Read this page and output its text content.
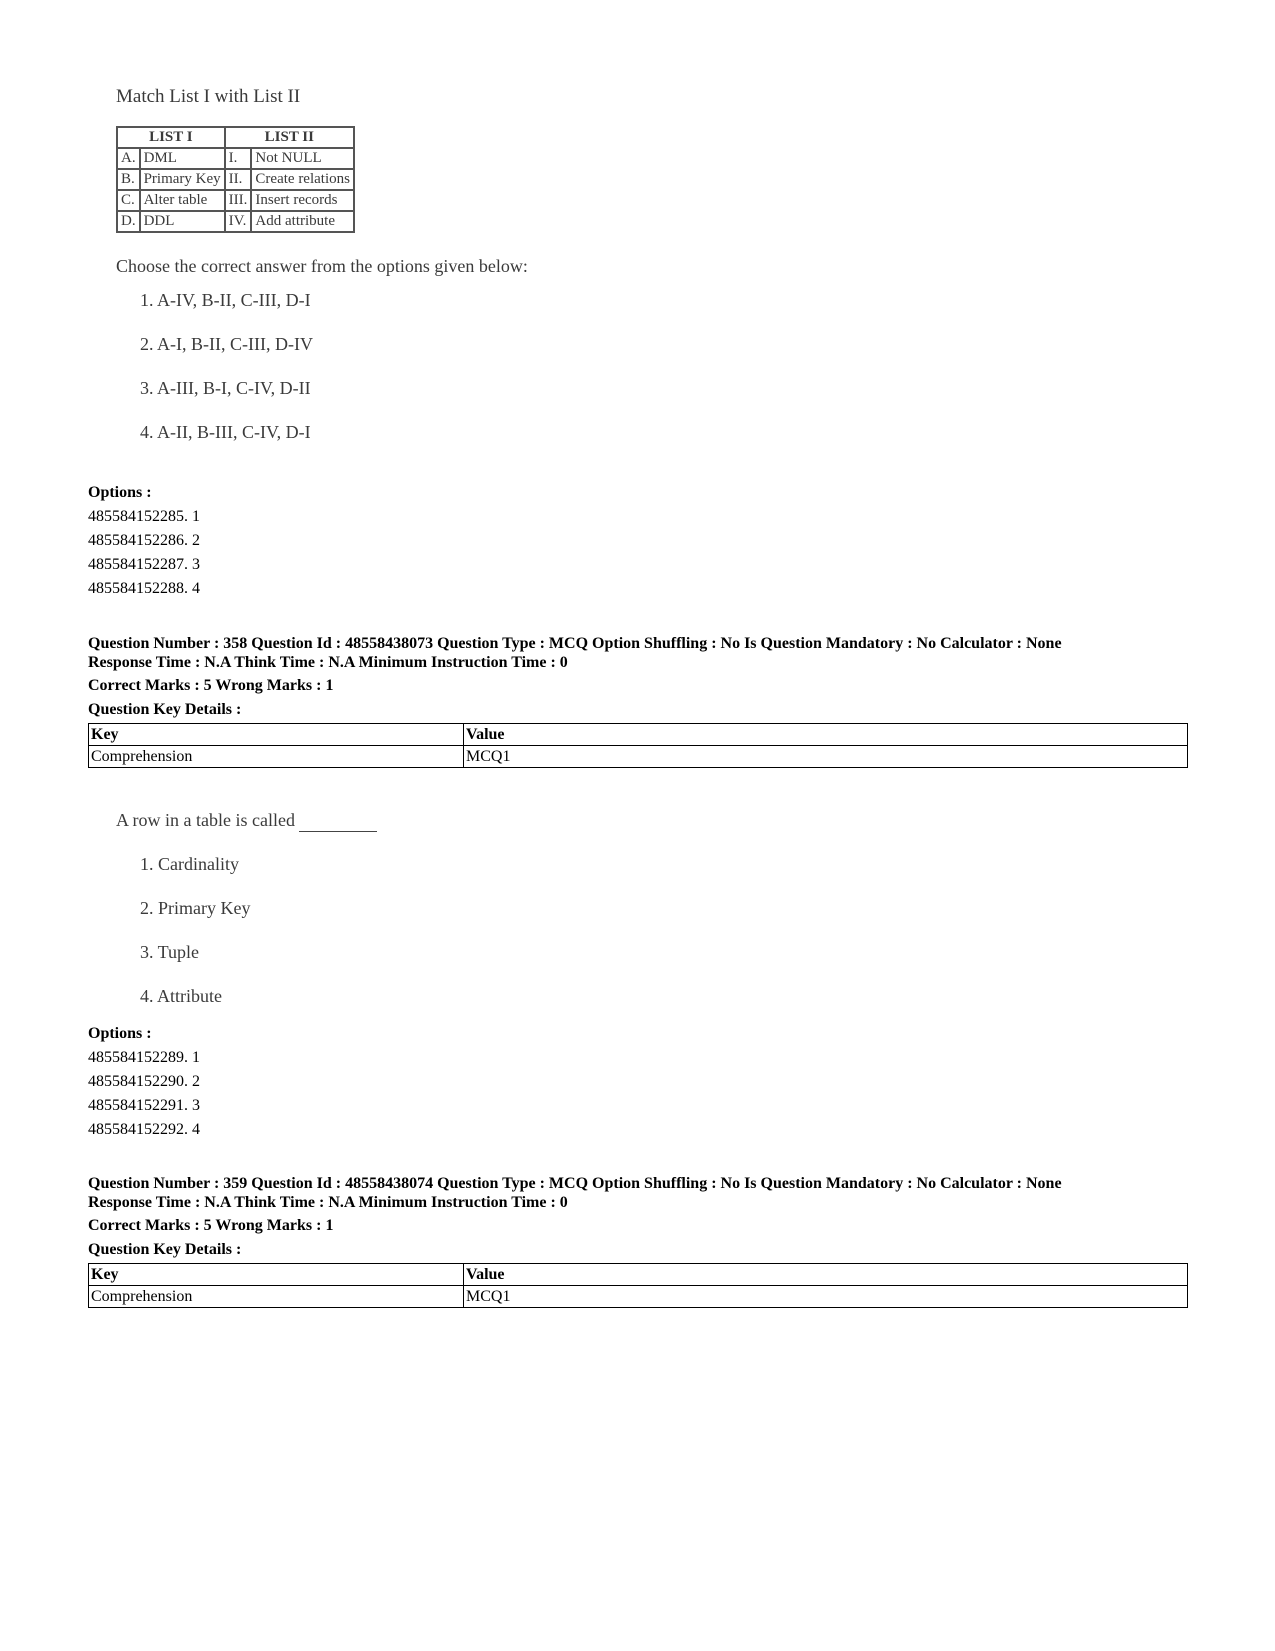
Match List I with List II
LIST I		LIST II	
A.	DML	I.	Not NULL
B.	Primary Key	II.	Create relations
C.	Alter table	III.	Insert records
D.	DDL	IV.	Add attribute
Choose the correct answer from the options given below:
1. A-IV, B-II, C-III, D-I
2. A-I, B-II, C-III, D-IV
3. A-III, B-I, C-IV, D-II
4. A-II, B-III, C-IV, D-I
Options :
485584152285. 1
485584152286. 2
485584152287. 3
485584152288. 4
Question Number : 358 Question Id : 48558438073 Question Type : MCQ Option Shuffling : No Is Question Mandatory : No Calculator : None
Response Time : N.A Think Time : N.A Minimum Instruction Time : 0
Correct Marks : 5 Wrong Marks : 1
Question Key Details :
Key	Value
Comprehension	MCQ1
A row in a table is called
1. Cardinality
2. Primary Key
3. Tuple
4. Attribute
Options :
485584152289. 1
485584152290. 2
485584152291. 3
485584152292. 4
Question Number : 359 Question Id : 48558438074 Question Type : MCQ Option Shuffling : No Is Question Mandatory : No Calculator : None
Response Time : N.A Think Time : N.A Minimum Instruction Time : 0
Correct Marks : 5 Wrong Marks : 1
Question Key Details :
Key	Value
Comprehension	MCQ1
